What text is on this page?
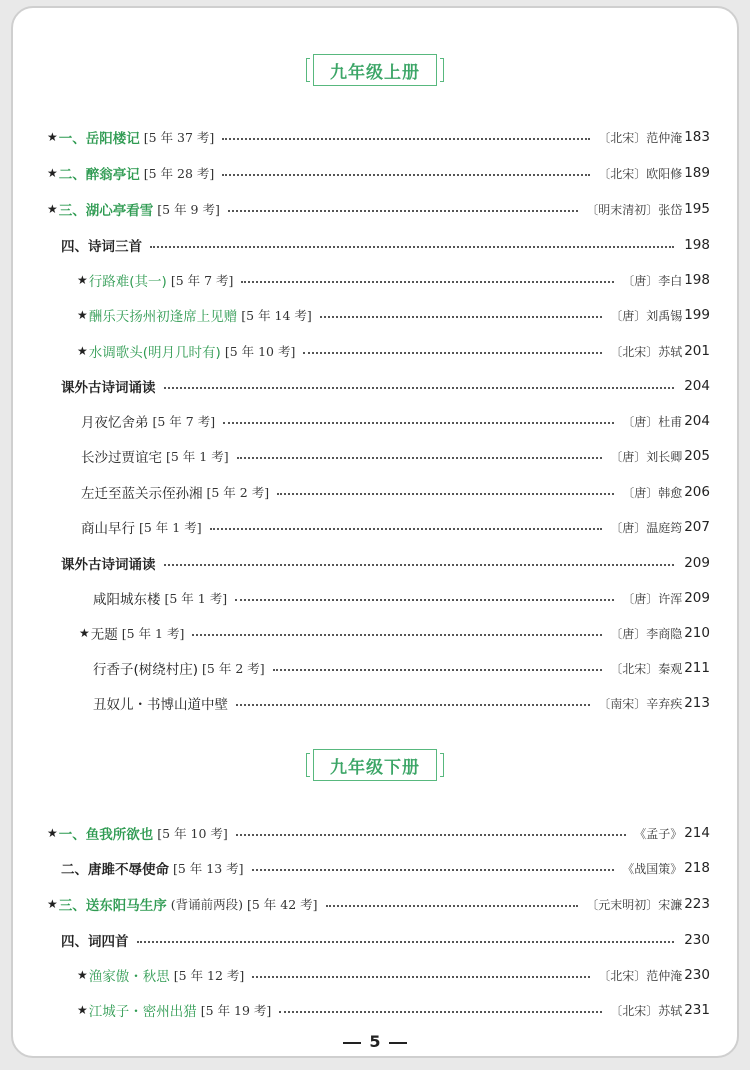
九年级上册
★ 一、岳阳楼记 [5 年 37 考]	〔北宋〕范仲淹 183
★ 二、醉翁亭记 [5 年 28 考]	〔北宋〕欧阳修 189
★ 三、湖心亭看雪 [5 年 9 考]	〔明末清初〕张岱 195
四、诗词三首	198
★ 行路难(其一) [5 年 7 考]	〔唐〕李白 198
★ 酬乐天扬州初逢席上见赠 [5 年 14 考]	〔唐〕刘禹锡 199
★ 水调歌头(明月几时有) [5 年 10 考]	〔北宋〕苏轼 201
课外古诗词诵读	204
月夜忆舍弟 [5 年 7 考]	〔唐〕杜甫 204
长沙过贾谊宅 [5 年 1 考]	〔唐〕刘长卿 205
左迁至蓝关示侄孙湘 [5 年 2 考]	〔唐〕韩愈 206
商山早行 [5 年 1 考]	〔唐〕温庭筠 207
课外古诗词诵读	209
咸阳城东楼 [5 年 1 考]	〔唐〕许浑 209
★ 无题 [5 年 1 考]	〔唐〕李商隐 210
行香子(树绕村庄) [5 年 2 考]	〔北宋〕秦观 211
丑奴儿・书博山道中壁	〔南宋〕辛弃疾 213
九年级下册
★ 一、鱼我所欲也 [5 年 10 考]	《孟子》 214
二、唐雎不辱使命 [5 年 13 考]	《战国策》 218
★ 三、送东阳马生序 (背诵前两段) [5 年 42 考]	〔元末明初〕宋濂 223
四、词四首	230
★ 渔家傲・秋思 [5 年 12 考]	〔北宋〕范仲淹 230
★ 江城子・密州出猎 [5 年 19 考]	〔北宋〕苏轼 231
5
